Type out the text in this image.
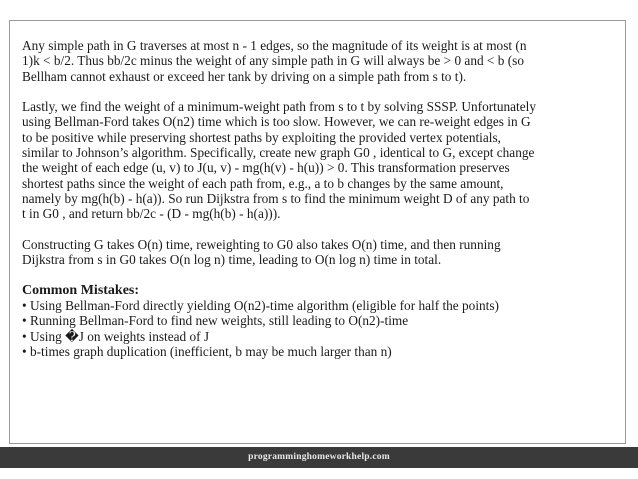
Any simple path in G traverses at most n - 1 edges, so the magnitude of its weight is at most (n
1)k < b/2. Thus bb/2c minus the weight of any simple path in G will always be > 0 and < b (so
Bellham cannot exhaust or exceed her tank by driving on a simple path from s to t).

Lastly, we find the weight of a minimum-weight path from s to t by solving SSSP. Unfortunately
using Bellman-Ford takes O(n2) time which is too slow. However, we can re-weight edges in G
to be positive while preserving shortest paths by exploiting the provided vertex potentials,
similar to Johnson’s algorithm. Specifically, create new graph G0 , identical to G, except change
the weight of each edge (u, v) to J(u, v) - mg(h(v) - h(u)) > 0. This transformation preserves
shortest paths since the weight of each path from, e.g., a to b changes by the same amount,
namely by mg(h(b) - h(a)). So run Dijkstra from s to find the minimum weight D of any path to
t in G0 , and return bb/2c - (D - mg(h(b) - h(a))).

Constructing G takes O(n) time, reweighting to G0 also takes O(n) time, and then running
Dijkstra from s in G0 takes O(n log n) time, leading to O(n log n) time in total.

Common Mistakes:
• Using Bellman-Ford directly yielding O(n2)-time algorithm (eligible for half the points)
• Running Bellman-Ford to find new weights, still leading to O(n2)-time
• Using �J on weights instead of J
• b-times graph duplication (inefficient, b may be much larger than n)
programminghomeworkhelp.com
